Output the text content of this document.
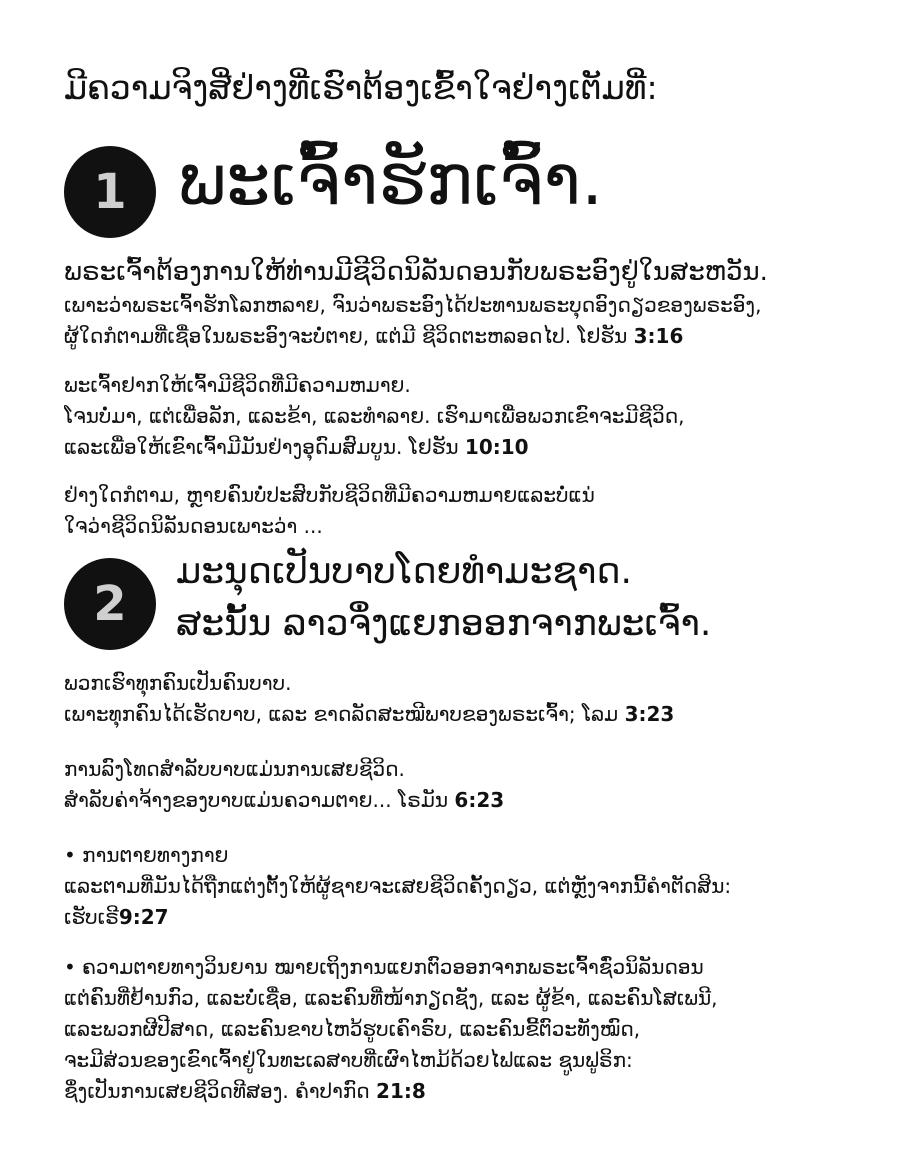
ມີຄວາມຈິງສີ່ຢ່າງທີ່ເຮົາຕ້ອງເຂົ້າໃຈຢ່າງເຕັມທີ່:
1 ພະເຈົ້າຮັກເຈົ້າ.
ພຣະເຈົ້າຕ້ອງການໃຫ້ທ່ານມີຊີວິດນິລັນດອນກັບພຣະອົງຢູ່ໃນສະຫວັນ.
ເພາະວ່າພຣະເຈົ້າຮັກໂລກຫລາຍ, ຈົນວ່າພຣະອົງໄດ້ປະທານພຣະບຸດອົງດຽວຂອງພຣະອົງ,
ຜູ້ໃດກໍຕາມທີ່ເຊື່ອໃນພຣະອົງຈະບໍ່ຕາຍ, ແຕ່ມີ ຊີວິດຕະຫລອດໄປ. ໂຢຮັນ 3:16
ພະເຈົ້າຢາກໃຫ້ເຈົ້າມີຊີວິດທີ່ມີຄວາມຫມາຍ.
ໂຈນບໍ່ມາ, ແຕ່ເພື່ອລັກ, ແລະຂ້າ, ແລະທຳລາຍ. ເຮົາມາເພື່ອພວກເຂົາຈະມີຊີວິດ,
ແລະເພື່ອໃຫ້ເຂົາເຈົ້າມີມັນຢ່າງອຸດົມສົມບູນ. ໂຢຮັນ 10:10
ຢ່າງໃດກໍຕາມ, ຫຼາຍຄົນບໍ່ປະສົບກັບຊີວິດທີ່ມີຄວາມຫມາຍແລະບໍ່ແນ່
ໃຈວ່າຊີວິດນິລັນດອນເພາະວ່າ ...
2
ມະນຸດເປັນບາບໂດຍທຳມະຊາດ.
ສະນັ້ນ ລາວຈຶ່ງແຍກອອກຈາກພະເຈົ້າ.
ພວກເຮົາທຸກຄົນເປັນຄົນບາບ.
ເພາະທຸກຄົນໄດ້ເຮັດບາບ, ແລະ ຂາດລັດສະໝີພາບຂອງພຣະເຈົ້າ; ໂລມ 3:23
ການລົງໂທດສໍາລັບບາບແມ່ນການເສຍຊີວິດ.
ສໍາລັບຄ່າຈ້າງຂອງບາບແມ່ນຄວາມຕາຍ... ໂຣມັນ 6:23
• ການຕາຍທາງກາຍ
ແລະຕາມທີ່ມັນໄດ້ຖືກແຕ່ງຕັ້ງໃຫ້ຜູ້ຊາຍຈະເສຍຊີວິດຄັ້ງດຽວ, ແຕ່ຫຼັງຈາກນີ້ຄໍາຕັດສິນ:
ເຮັບເຣີ9:27
• ຄວາມຕາຍທາງວິນຍານ ໝາຍເຖິງການແຍກຕົວອອກຈາກພຣະເຈົ້າຊົ່ວນິລັນດອນ
ແຕ່ຄົນທີ່ຢ້ານກົວ, ແລະບໍ່ເຊື່ອ, ແລະຄົນທີ່ໜ້າກຽດຊັງ, ແລະ ຜູ້ຂ້າ, ແລະຄົນໂສເພນີ,
ແລະພວກຜີປີສາດ, ແລະຄົນຂາບໄຫວ້ຮູບເຄົາຣົບ, ແລະຄົນຂີ້ຕົວະທັງໝົດ,
ຈະມີສ່ວນຂອງເຂົາເຈົ້າຢູ່ໃນທະເລສາບທີ່ເຜົາໄຫມ້ດ້ວຍໄຟແລະ ຊູນຟູຣິກ:
ຊຶ່ງເປັນການເສຍຊີວິດທີສອງ. ຄໍາປາກົດ 21:8
